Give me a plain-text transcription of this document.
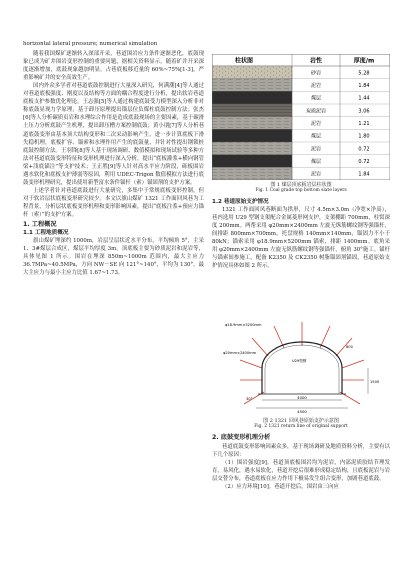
horizontal lateral pressure; numerical simulation

随着我国煤矿逐渐转入深部开采，巷道围岩应力条件逐渐恶化，底鼓现象已成为矿井围岩变形控制的重要问题，据相关资料显示，随着矿井开采深度逐渐增加，底鼓现象越加明显，占巷底板移近量的 60%~75%[1-3]，严重影响矿井的安全高效生产。

国内外众多学者对巷道底鼓控制进行大量深入研究，何满潮[4]等人通过对巷道底板强度、刚度以及结构等方面的耦合程度进行分析，提出软岩巷道底板支护参数优化理论。王志强[5]等人通过构建底鼓受力模型深入分析非对称底鼓显现力学原理，基于卸压原理提出锚层位负煤柱底鼓控制方法；张杰[6]等人分析碳质页岩和水理综合作用是造成底鼓现场的主要因素，基于碳滑土压力分析底鼓产生机理，提出卸压槽方案控制底鼓；黄小朋[7]等人分析巷道底鼓变形由基本顶大结构变形和二次采动影响产生，进一步计算底板下滑失稳机理，底板扩容、锚索和水理作用产生的底鼓量，并针对性提出钢锁桩底鼓控制方法。王羽锋[8]等人基于现场调研、数值模拟和现场试验等多种方法对巷道底鼓变形特征和变形机理进行深入分析，提出“底板灌浆+横向钢管梁+浅底锚注”等支护技术；王正胜[9]等人针对高水平应力阶段，砾板围岩遇水软化和底板支护薄弱等原因，利用 UDEC-Trigon 数值模拟方法进行底鼓变形机理研究，提出使用新型富水条件锚杆（索）锚固剂的支护方案。

上述学者针对巷道底鼓进行大量研究，多集中于常规底板变形控制，但对于软岩层状底板变形研究较少。本文以旗山煤矿 1321 工作面回风巷为工程背景，分析层状底板变形机理和变形影响因素，提出“底板注浆+预应力锚杆（索）”的支护方案。

1. 工程概况

1.1 工程地质概况

旗山煤矿埋深约 1000m，岩层呈层状近水平分布，平均倾角 5°，主采 1、3#煤层合成区，煤层平均厚度 3m。顶底板主要为砂质泥岩和泥岩等，具体见图 1 所示。围岩在埋深 850m~1000m 范围内，最大主应力 36.7MPa~40.5MPa，方向 NW－SE 向 121°~140°，平均为 130°，最大主应力与最小主应力比值 1.67~1.73。

柱状图	岩性	厚度/m
砂岩	5.28
泥岩	1.84
煤层	1.44
炭质泥岩	3.06
泥岩	1.21
煤层	1.80
泥岩	0.72
煤层	0.72
泥岩	1.84
图 1 煤层顶底板岩层柱状图
Fig. 1 Coal grade top bottom slate layers

1.2 巷道原始支护情况

1321 工作面回风巷断面为拱形，尺寸 4.5m×3.0m（净宽×净高），巷内选用 U29 型钢支架配合金属菱形网支护，支架棚距 700mm，柱窝深度 200mm。两帮采用 φ20mm×2400mm 左旋无纵筋螺纹钢等强锚杆，间排距 800mm×700mm，托盘规格 140mm×140mm，锚固力不小于 80kN；锚索采用 φ18.9mm×5200mm 锚索，排距 1400mm。底角采用 φ20mm×2400mm 左旋无纵筋螺纹钢等强锚杆，俯角 30°施工。锚杆与锚索间参施工，配备 K2350 及 CK2350 树脂锚固剂锚固，巷道原始支护情况具体如图 2 所示。

φ18.9mm×5200mm
φ20mm×2400mm
U29型钢
4000
4500
1500
30°
800
图 2 1321 回风巷原始支护示意图
Fig. 2 1321 return line of original support

2. 底鼓变形机理分析

巷道底鼓变形影响因素众多，基于现场调研及地质资料分析，主要有以下几个原因：

（1）围岩强度[9]。巷道顶底板围岩均为泥岩，内部泥质胶结节理发育，易风化，遇水易软化，巷道开挖后很难形成稳定结构，且底板泥岩与岩层交替分布，巷道底板在应力作用下极易发生组合变形，加剧巷道底鼓。

（2）应力环境[10]。巷道开挖后，围岩由三向应
